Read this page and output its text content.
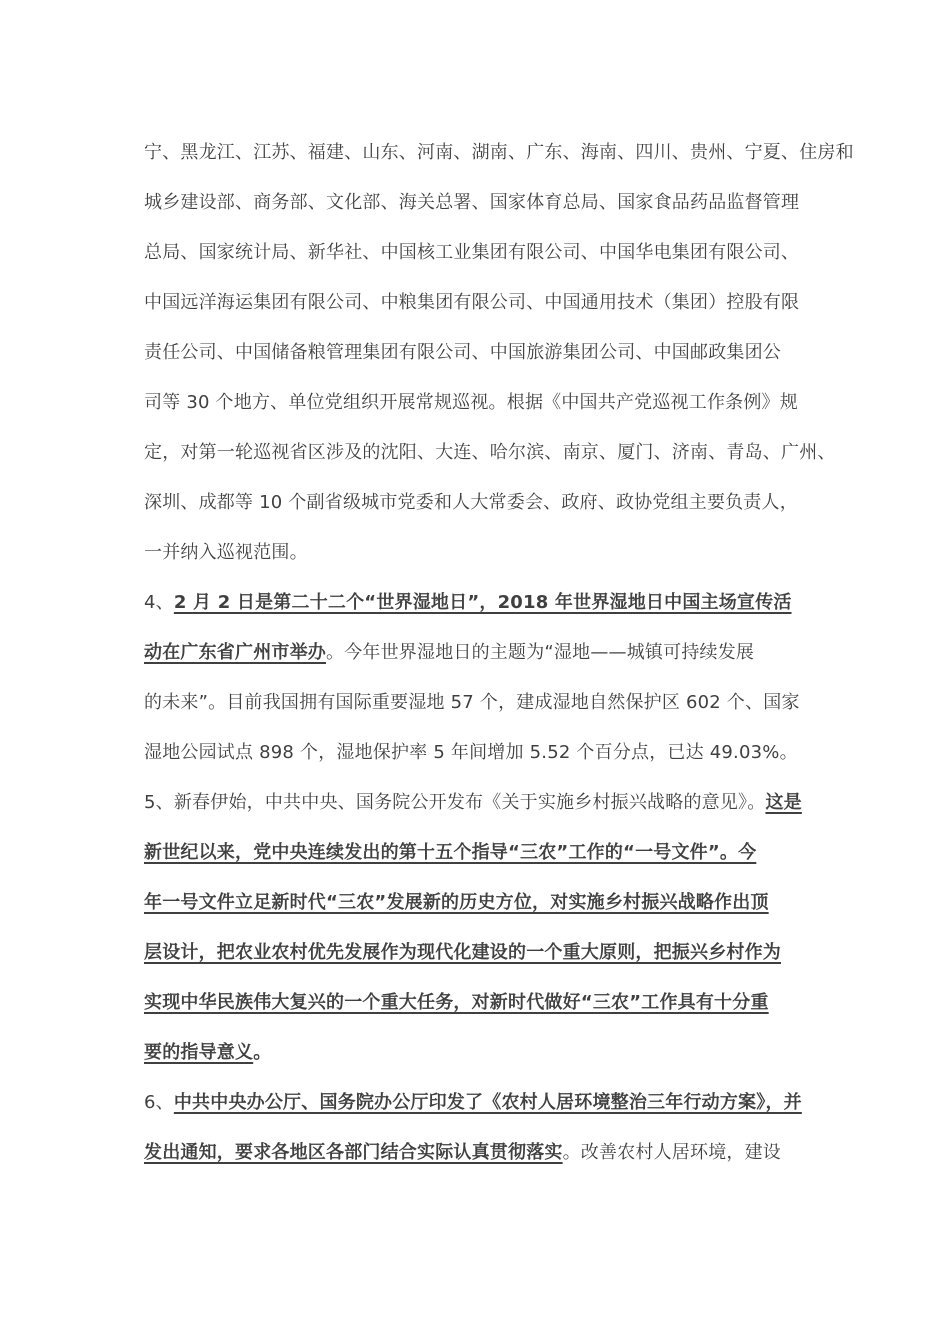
宁、黑龙江、江苏、福建、山东、河南、湖南、广东、海南、四川、贵州、宁夏、住房和
城乡建设部、商务部、文化部、海关总署、国家体育总局、国家食品药品监督管理
总局、国家统计局、新华社、中国核工业集团有限公司、中国华电集团有限公司、
中国远洋海运集团有限公司、中粮集团有限公司、中国通用技术（集团）控股有限
责任公司、中国储备粮管理集团有限公司、中国旅游集团公司、中国邮政集团公
司等 30 个地方、单位党组织开展常规巡视。根据《中国共产党巡视工作条例》规
定，对第一轮巡视省区涉及的沈阳、大连、哈尔滨、南京、厦门、济南、青岛、广州、
深圳、成都等 10 个副省级城市党委和人大常委会、政府、政协党组主要负责人，
一并纳入巡视范围。
4、2 月 2 日是第二十二个“世界湿地日”，2018 年世界湿地日中国主场宣传活
动在广东省广州市举办。今年世界湿地日的主题为“湿地——城镇可持续发展
的未来”。目前我国拥有国际重要湿地 57 个，建成湿地自然保护区 602 个、国家
湿地公园试点 898 个，湿地保护率 5 年间增加 5.52 个百分点，已达 49.03%。
5、新春伊始，中共中央、国务院公开发布《关于实施乡村振兴战略的意见》。这是
新世纪以来，党中央连续发出的第十五个指导“三农”工作的“一号文件”。今
年一号文件立足新时代“三农”发展新的历史方位，对实施乡村振兴战略作出顶
层设计，把农业农村优先发展作为现代化建设的一个重大原则，把振兴乡村作为
实现中华民族伟大复兴的一个重大任务，对新时代做好“三农”工作具有十分重
要的指导意义。
6、中共中央办公厅、国务院办公厅印发了《农村人居环境整治三年行动方案》，并
发出通知，要求各地区各部门结合实际认真贯彻落实。改善农村人居环境，建设
